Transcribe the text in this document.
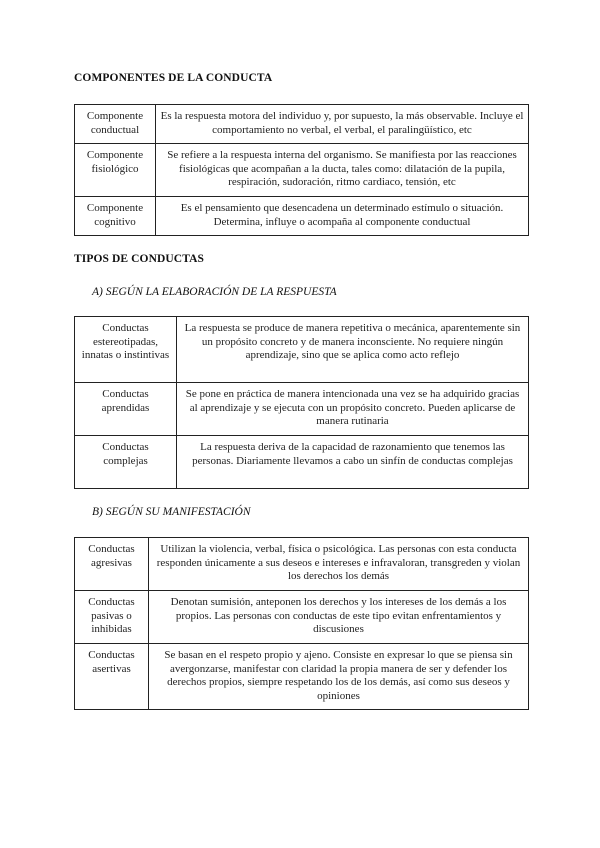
COMPONENTES DE LA CONDUCTA
Componente conductual	Es la respuesta motora del individuo y, por supuesto, la más observable. Incluye el comportamiento no verbal, el verbal, el paralingüístico, etc
Componente fisiológico	Se refiere a la respuesta interna del organismo. Se manifiesta por las reacciones fisiológicas que acompañan a la ducta, tales como: dilatación de la pupila, respiración, sudoración, ritmo cardiaco, tensión, etc
Componente cognitivo	Es el pensamiento que desencadena un determinado estímulo o situación. Determina, influye o acompaña al componente conductual
TIPOS DE CONDUCTAS
A) SEGÚN LA ELABORACIÓN DE LA RESPUESTA
Conductas estereotipadas, innatas o instintivas	La respuesta se produce de manera repetitiva o mecánica, aparentemente sin un propósito concreto y de manera inconsciente. No requiere ningún aprendizaje, sino que se aplica como acto reflejo
Conductas aprendidas	Se pone en práctica de manera intencionada una vez se ha adquirido gracias al aprendizaje y se ejecuta con un propósito concreto. Pueden aplicarse de manera rutinaria
Conductas complejas	La respuesta deriva de la capacidad de razonamiento que tenemos las personas. Diariamente llevamos a cabo un sinfín de conductas complejas
B) SEGÚN SU MANIFESTACIÓN
Conductas agresivas	Utilizan la violencia, verbal, física o psicológica. Las personas con esta conducta responden únicamente a sus deseos e intereses e infravaloran, transgreden y violan los derechos los demás
Conductas pasivas o inhibidas	Denotan sumisión, anteponen los derechos y los intereses de los demás a los propios. Las personas con conductas de este tipo evitan enfrentamientos y discusiones
Conductas asertivas	Se basan en el respeto propio y ajeno. Consiste en expresar lo que se piensa sin avergonzarse, manifestar con claridad la propia manera de ser y defender los derechos propios, siempre respetando los de los demás, así como sus deseos y opiniones
